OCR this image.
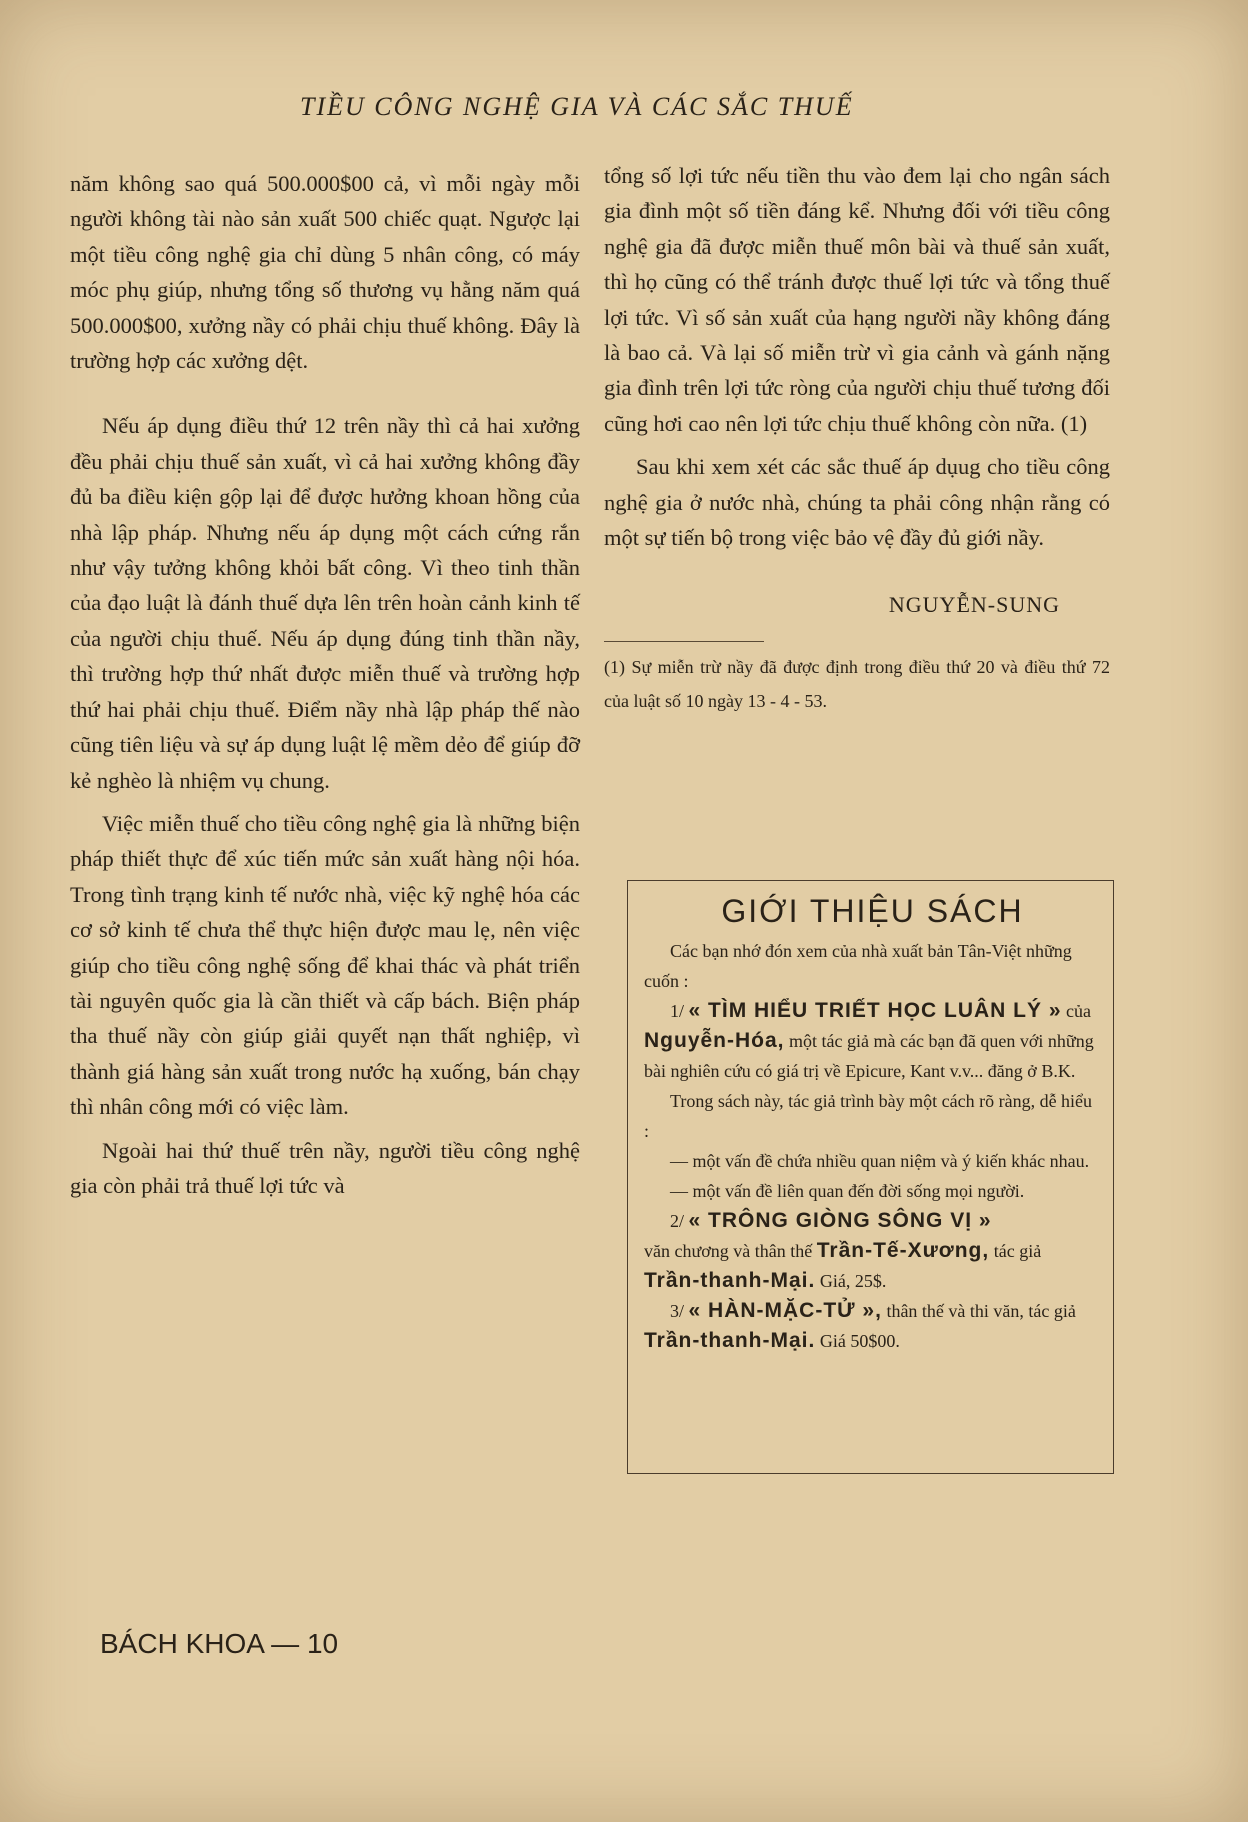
TIỀU CÔNG NGHỆ GIA VÀ CÁC SẮC THUẾ

năm không sao quá 500.000$00 cả, vì mỗi ngày mỗi người không tài nào sản xuất 500 chiếc quạt. Ngược lại một tiều công nghệ gia chỉ dùng 5 nhân công, có máy móc phụ giúp, nhưng tổng số thương vụ hằng năm quá 500.000$00, xưởng nầy có phải chịu thuế không. Đây là trường hợp các xưởng dệt.

Nếu áp dụng điều thứ 12 trên nầy thì cả hai xưởng đều phải chịu thuế sản xuất, vì cả hai xưởng không đầy đủ ba điều kiện gộp lại để được hưởng khoan hồng của nhà lập pháp. Nhưng nếu áp dụng một cách cứng rắn như vậy tưởng không khỏi bất công. Vì theo tinh thần của đạo luật là đánh thuế dựa lên trên hoàn cảnh kinh tế của người chịu thuế. Nếu áp dụng đúng tinh thần nầy, thì trường hợp thứ nhất được miễn thuế và trường hợp thứ hai phải chịu thuế. Điểm nầy nhà lập pháp thế nào cũng tiên liệu và sự áp dụng luật lệ mềm dẻo để giúp đỡ kẻ nghèo là nhiệm vụ chung.

Việc miễn thuế cho tiều công nghệ gia là những biện pháp thiết thực để xúc tiến mức sản xuất hàng nội hóa. Trong tình trạng kinh tế nước nhà, việc kỹ nghệ hóa các cơ sở kinh tế chưa thể thực hiện được mau lẹ, nên việc giúp cho tiều công nghệ sống để khai thác và phát triển tài nguyên quốc gia là cần thiết và cấp bách. Biện pháp tha thuế nầy còn giúp giải quyết nạn thất nghiệp, vì thành giá hàng sản xuất trong nước hạ xuống, bán chạy thì nhân công mới có việc làm.

Ngoài hai thứ thuế trên nầy, người tiều công nghệ gia còn phải trả thuế lợi tức và

tổng số lợi tức nếu tiền thu vào đem lại cho ngân sách gia đình một số tiền đáng kể. Nhưng đối với tiều công nghệ gia đã được miễn thuế môn bài và thuế sản xuất, thì họ cũng có thể tránh được thuế lợi tức và tổng thuế lợi tức. Vì số sản xuất của hạng người nầy không đáng là bao cả. Và lại số miễn trừ vì gia cảnh và gánh nặng gia đình trên lợi tức ròng của người chịu thuế tương đối cũng hơi cao nên lợi tức chịu thuế không còn nữa. (1)

Sau khi xem xét các sắc thuế áp dụug cho tiều công nghệ gia ở nước nhà, chúng ta phải công nhận rằng có một sự tiến bộ trong việc bảo vệ đầy đủ giới nầy.

NGUYỄN-SUNG
(1) Sự miễn trừ nầy đã được định trong điều thứ 20 và điều thứ 72 của luật số 10 ngày 13 - 4 - 53.
GIỚI THIỆU SÁCH

Các bạn nhớ đón xem của nhà xuất bản Tân-Việt những cuốn :

1/ « TÌM HIỂU TRIẾT HỌC LUÂN LÝ » của Nguyễn-Hóa, một tác giả mà các bạn đã quen với những bài nghiên cứu có giá trị về Epicure, Kant v.v... đăng ở B.K.

Trong sách này, tác giả trình bày một cách rõ ràng, dễ hiểu :

— một vấn đề chứa nhiều quan niệm và ý kiến khác nhau.

— một vấn đề liên quan đến đời sống mọi người.

2/ « TRÔNG GIÒNG SÔNG VỊ »
văn chương và thân thế Trần-Tế-Xương, tác giả Trần-thanh-Mại. Giá, 25$.

3/ « HÀN-MẶC-TỬ », thân thế và thi văn, tác giả Trần-thanh-Mại. Giá 50$00.

BÁCH KHOA — 10
